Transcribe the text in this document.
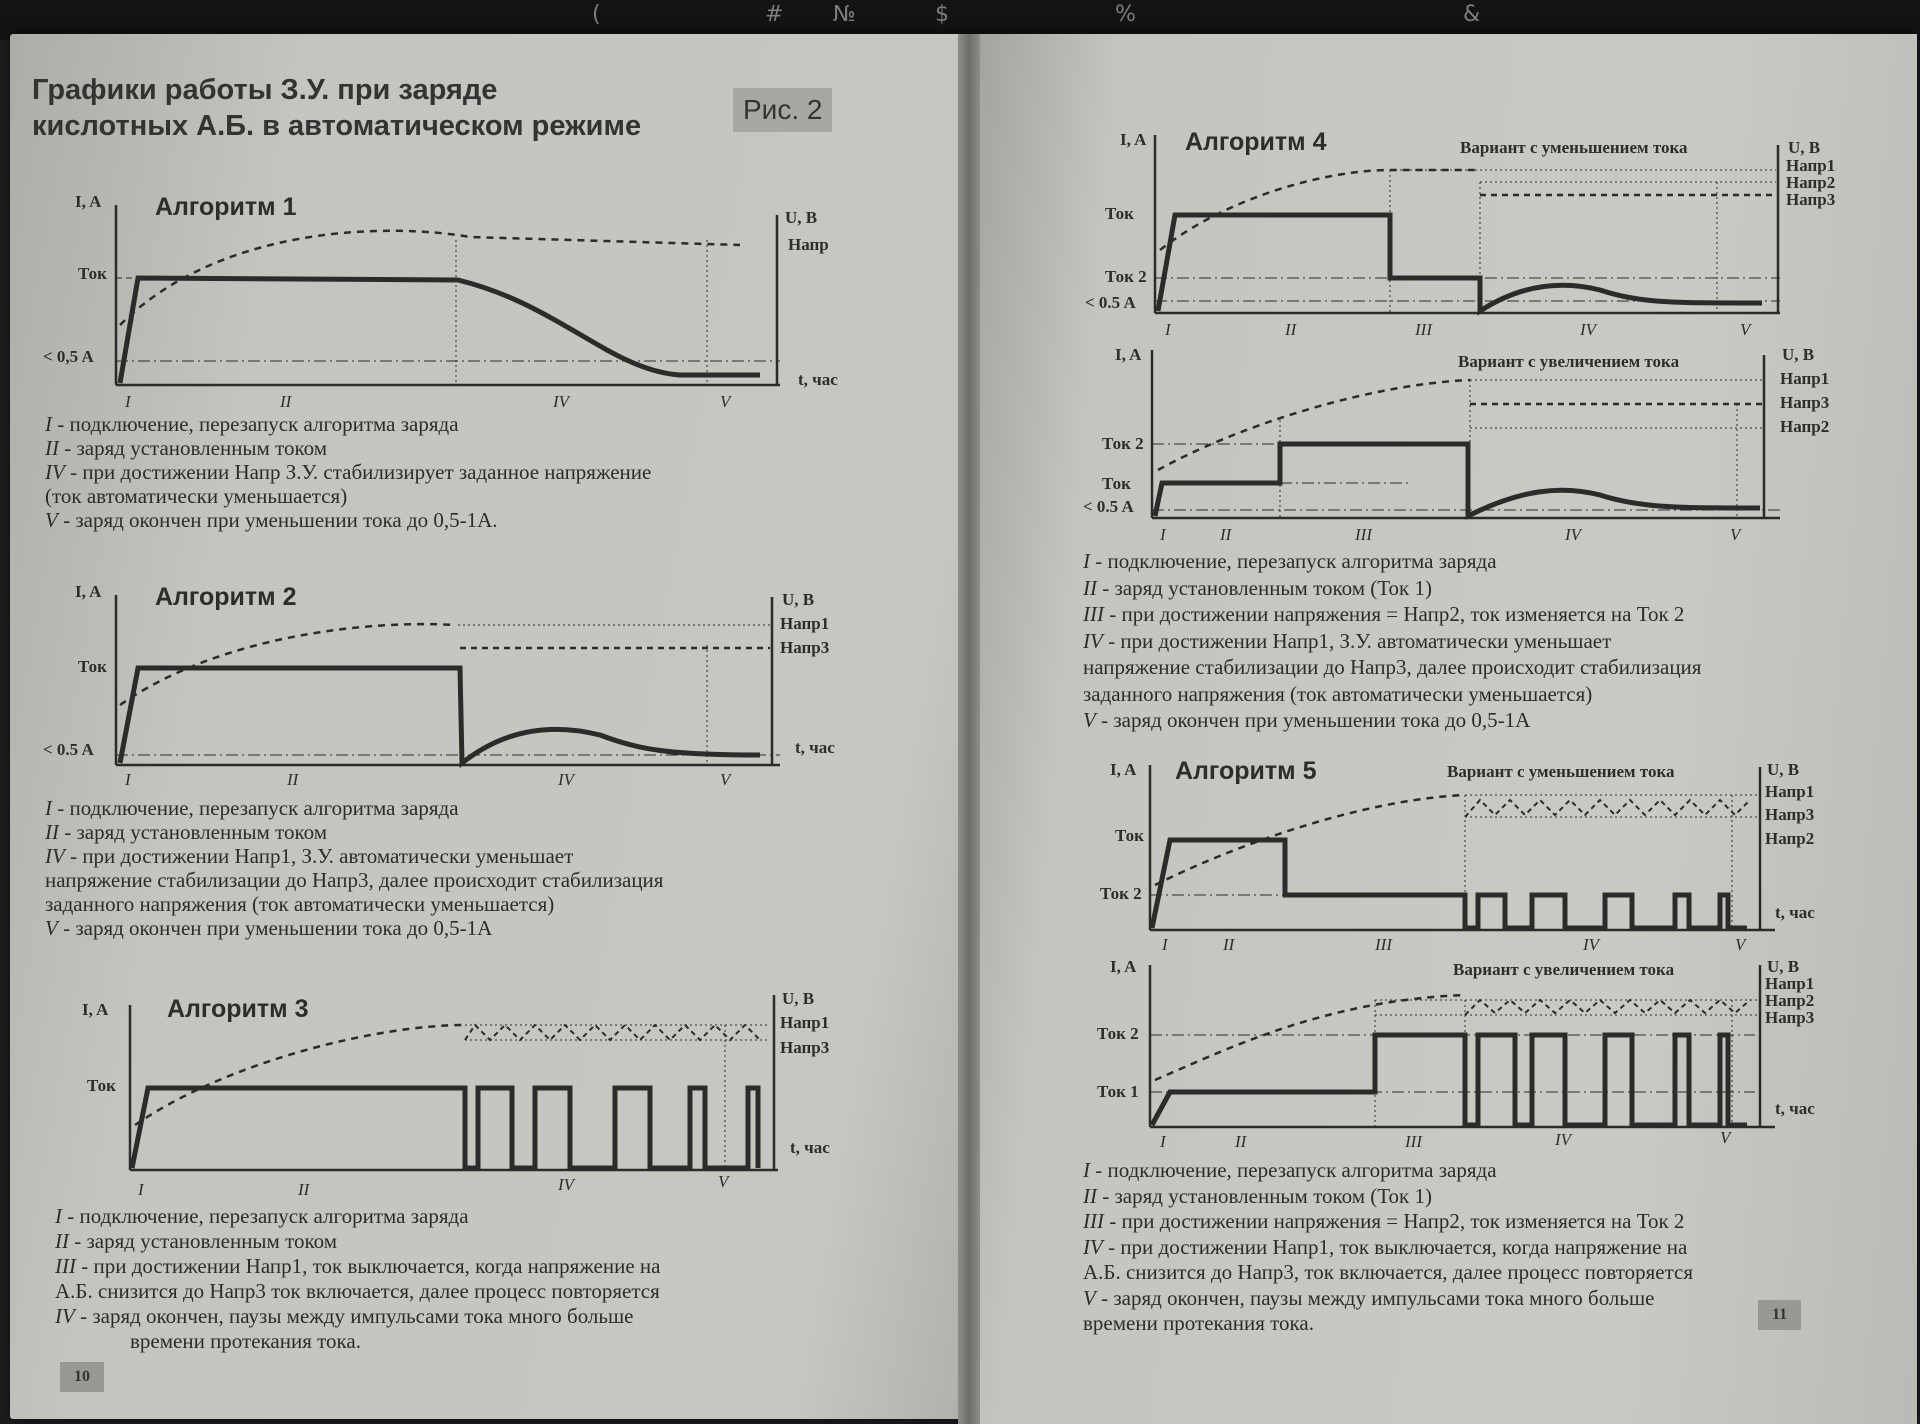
(	# №	$	%	&
Графики работы З.У. при заряде
кислотных А.Б. в автоматическом режиме
Рис. 2
I, A Алгоритм 1	U, B
Напр
Ток
< 0,5 A
t, час
I	II	IV	V
I - подключение, перезапуск алгоритма заряда
II - заряд установленным током
IV - при достижении Напр З.У. стабилизирует заданное напряжение
(ток автоматически уменьшается)
V - заряд окончен при уменьшении тока до 0,5-1А.
I, A Алгоритм 2	U, B
Напр1
Напр3
Ток
< 0.5 A	t, час
I	II	IV	V
I - подключение, перезапуск алгоритма заряда
II - заряд установленным током
IV - при достижении Напр1, З.У. автоматически уменьшает
напряжение стабилизации до Напр3, далее происходит стабилизация
заданного напряжения (ток автоматически уменьшается)
V - заряд окончен при уменьшении тока до 0,5-1А
I, A Алгоритм 3	U, B
Напр1
Напр3
Ток
t, час
I	II	IV	V
I - подключение, перезапуск алгоритма заряда
II - заряд установленным током
III - при достижении Напр1, ток выключается, когда напряжение на
А.Б. снизится до Напр3 ток включается, далее процесс повторяется
IV - заряд окончен, паузы между импульсами тока много больше
времени протекания тока.
10
I, A Алгоритм 4	Вариант с уменьшением тока	U, B
Напр1
Напр2
Напр3
Ток
Ток 2
< 0.5 A
I	II	III	IV	V
I, A	Вариант с увеличением тока	U, B
Напр1
Напр3
Напр2
Ток 2
Ток
< 0.5 A
I	II	III	IV	V
I - подключение, перезапуск алгоритма заряда
II - заряд установленным током (Ток 1)
III - при достижении напряжения = Напр2, ток изменяется на Ток 2
IV - при достижении Напр1, З.У. автоматически уменьшает
напряжение стабилизации до Напр3, далее происходит стабилизация
заданного напряжения (ток автоматически уменьшается)
V - заряд окончен при уменьшении тока до 0,5-1А
I, A Алгоритм 5	Вариант с уменьшением тока	U, B
Напр1
Напр3
Напр2
Ток
Ток 2
t, час
I	II	III	IV	V
I, A	Вариант с увеличением тока	U, B
Напр1
Напр2
Напр3
Ток 2
Ток 1
t, час
I	II	III	IV	V
I - подключение, перезапуск алгоритма заряда
II - заряд установленным током (Ток 1)
III - при достижении напряжения = Напр2, ток изменяется на Ток 2
IV - при достижении Напр1, ток выключается, когда напряжение на
А.Б. снизится до Напр3, ток включается, далее процесс повторяется
V - заряд окончен, паузы между импульсами тока много больше
времени протекания тока.	11
